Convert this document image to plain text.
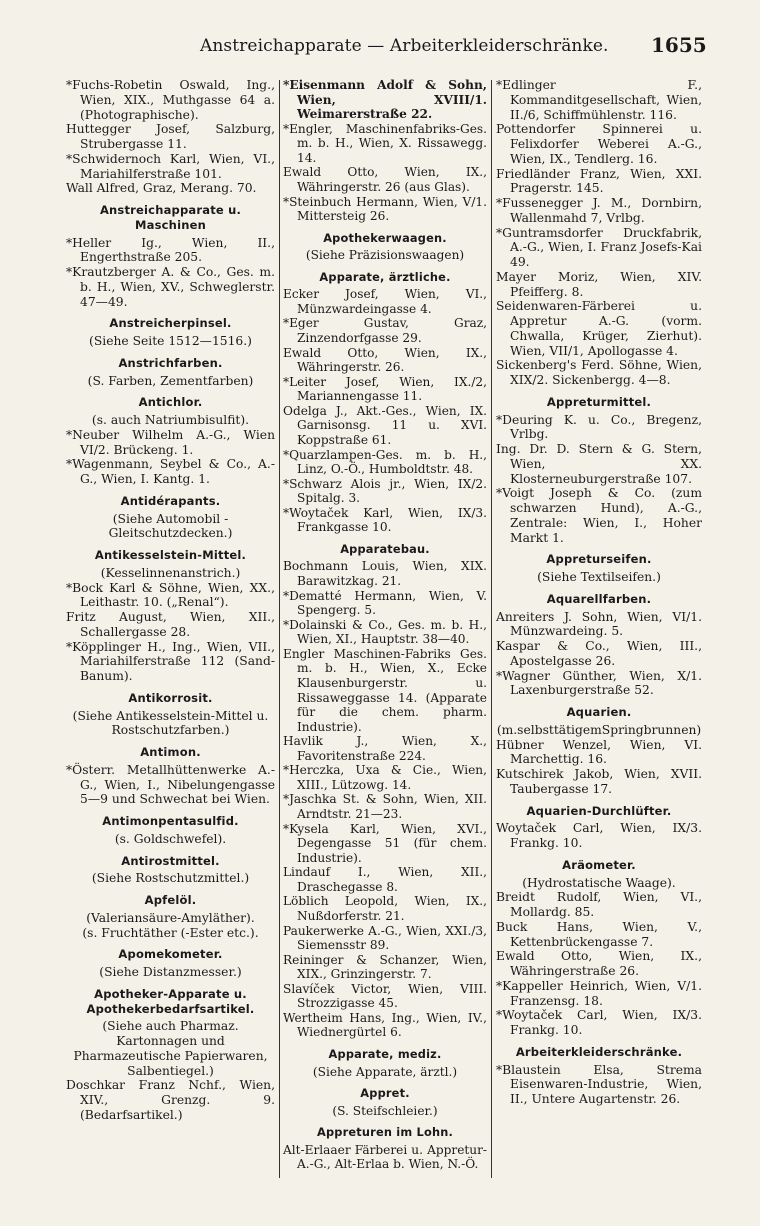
Anstreichapparate — Arbeiterkleiderschränke. 1655
*Fuchs-Robetin Oswald, Ing., Wien, XIX., Muthgasse 64 a. (Photographische).
Huttegger Josef, Salzburg, Strubergasse 11.
*Schwidernoch Karl, Wien, VI., Mariahilferstraße 101.
Wall Alfred, Graz, Merang. 70.
Anstreichapparate u. Maschinen
*Heller Ig., Wien, II., Engerthstraße 205.
*Krautzberger A. & Co., Ges. m. b. H., Wien, XV., Schweglerstr. 47—49.
Anstreicherpinsel.
(Siehe Seite 1512—1516.)
Anstrichfarben.
(S. Farben, Zementfarben)
Antichlor.
(s. auch Natriumbisulfit).
*Neuber Wilhelm A.-G., Wien VI/2. Brückeng. 1.
*Wagenmann, Seybel & Co., A.-G., Wien, I. Kantg. 1.
Antidérapants.
(Siehe Automobil - Gleitschutzdecken.)
Antikesselstein-Mittel.
(Kesselinnenanstrich.)
*Bock Karl & Söhne, Wien, XX., Leithastr. 10. („Renal“).
Fritz August, Wien, XII., Schallergasse 28.
*Köpplinger H., Ing., Wien, VII., Mariahilferstraße 112 (Sand-Banum).
Antikorrosit.
(Siehe Antikesselstein-Mittel u. Rostschutzfarben.)
Antimon.
*Österr. Metallhüttenwerke A.-G., Wien, I., Nibelungengasse 5—9 und Schwechat bei Wien.
Antimonpentasulfid.
(s. Goldschwefel).
Antirostmittel.
(Siehe Rostschutzmittel.)
Apfelöl.
(Valeriansäure-Amyläther).
(s. Fruchtäther (-Ester etc.).
Apomekometer.
(Siehe Distanzmesser.)
Apotheker-Apparate u. Apothekerbedarfsartikel.
(Siehe auch Pharmaz. Kartonnagen und Pharmazeutische Papierwaren, Salbentiegel.)
Doschkar Franz Nchf., Wien, XIV., Grenzg. 9. (Bedarfsartikel.)
*Eisenmann Adolf & Sohn, Wien, XVIII/1. Weimarerstraße 22.
*Engler, Maschinenfabriks-Ges. m. b. H., Wien, X. Rissawegg. 14.
Ewald Otto, Wien, IX., Währingerstr. 26 (aus Glas).
*Steinbuch Hermann, Wien, V/1. Mittersteig 26.
Apothekerwaagen.
(Siehe Präzisionswaagen)
Apparate, ärztliche.
Ecker Josef, Wien, VI., Münzwardeingasse 4.
*Eger Gustav, Graz, Zinzendorfgasse 29.
Ewald Otto, Wien, IX., Währingerstr. 26.
*Leiter Josef, Wien, IX./2, Mariannengasse 11.
Odelga J., Akt.-Ges., Wien, IX. Garnisonsg. 11 u. XVI. Koppstraße 61.
*Quarzlampen-Ges. m. b. H., Linz, O.-Ö., Humboldtstr. 48.
*Schwarz Alois jr., Wien, IX/2. Spitalg. 3.
*Woytaček Karl, Wien, IX/3. Frankgasse 10.
Apparatebau.
Bochmann Louis, Wien, XIX. Barawitzkag. 21.
*Dematté Hermann, Wien, V. Spengerg. 5.
*Dolainski & Co., Ges. m. b. H., Wien, XI., Hauptstr. 38—40.
Engler Maschinen-Fabriks Ges. m. b. H., Wien, X., Ecke Klausenburgerstr. u. Rissaweggasse 14. (Apparate für die chem. pharm. Industrie).
Havlik J., Wien, X., Favoritenstraße 224.
*Herczka, Uxa & Cie., Wien, XIII., Lützowg. 14.
*Jaschka St. & Sohn, Wien, XII. Arndtstr. 21—23.
*Kysela Karl, Wien, XVI., Degengasse 51 (für chem. Industrie).
Lindauf I., Wien, XII., Draschegasse 8.
Löblich Leopold, Wien, IX., Nußdorferstr. 21.
Paukerwerke A.-G., Wien, XXI./3, Siemensstr 89.
Reininger & Schanzer, Wien, XIX., Grinzingerstr. 7.
Slavíček Victor, Wien, VIII. Strozzigasse 45.
Wertheim Hans, Ing., Wien, IV., Wiednergürtel 6.
Apparate, mediz.
(Siehe Apparate, ärztl.)
Appret.
(S. Steifschleier.)
Appreturen im Lohn.
Alt-Erlaaer Färberei u. Appretur-A.-G., Alt-Erlaa b. Wien, N.-Ö.
*Edlinger F., Kommanditgesellschaft, Wien, II./6, Schiffmühlenstr. 116.
Pottendorfer Spinnerei u. Felixdorfer Weberei A.-G., Wien, IX., Tendlerg. 16.
Friedländer Franz, Wien, XXI. Pragerstr. 145.
*Fussenegger J. M., Dornbirn, Wallenmahd 7, Vrlbg.
*Guntramsdorfer Druckfabrik, A.-G., Wien, I. Franz Josefs-Kai 49.
Mayer Moriz, Wien, XIV. Pfeifferg. 8.
Seidenwaren-Färberei u. Appretur A.-G. (vorm. Chwalla, Krüger, Zierhut). Wien, VII/1, Apollogasse 4.
Sickenberg's Ferd. Söhne, Wien, XIX/2. Sickenbergg. 4—8.
Appreturmittel.
*Deuring K. u. Co., Bregenz, Vrlbg.
Ing. Dr. D. Stern & G. Stern, Wien, XX. Klosterneuburgerstraße 107.
*Voigt Joseph & Co. (zum schwarzen Hund), A.-G., Zentrale: Wien, I., Hoher Markt 1.
Appreturseifen.
(Siehe Textilseifen.)
Aquarellfarben.
Anreiters J. Sohn, Wien, VI/1. Münzwardeing. 5.
Kaspar & Co., Wien, III., Apostelgasse 26.
*Wagner Günther, Wien, X/1. Laxenburgerstraße 52.
Aquarien.
(m.selbsttätigemSpringbrunnen)
Hübner Wenzel, Wien, VI. Marchettig. 16.
Kutschirek Jakob, Wien, XVII. Taubergasse 17.
Aquarien-Durchlüfter.
Woytaček Carl, Wien, IX/3. Frankg. 10.
Aräometer.
(Hydrostatische Waage).
Breidt Rudolf, Wien, VI., Mollardg. 85.
Buck Hans, Wien, V., Kettenbrückengasse 7.
Ewald Otto, Wien, IX., Währingerstraße 26.
*Kappeller Heinrich, Wien, V/1. Franzensg. 18.
*Woytaček Carl, Wien, IX/3. Frankg. 10.
Arbeiterkleiderschränke.
*Blaustein Elsa, Strema Eisenwaren-Industrie, Wien, II., Untere Augartenstr. 26.
